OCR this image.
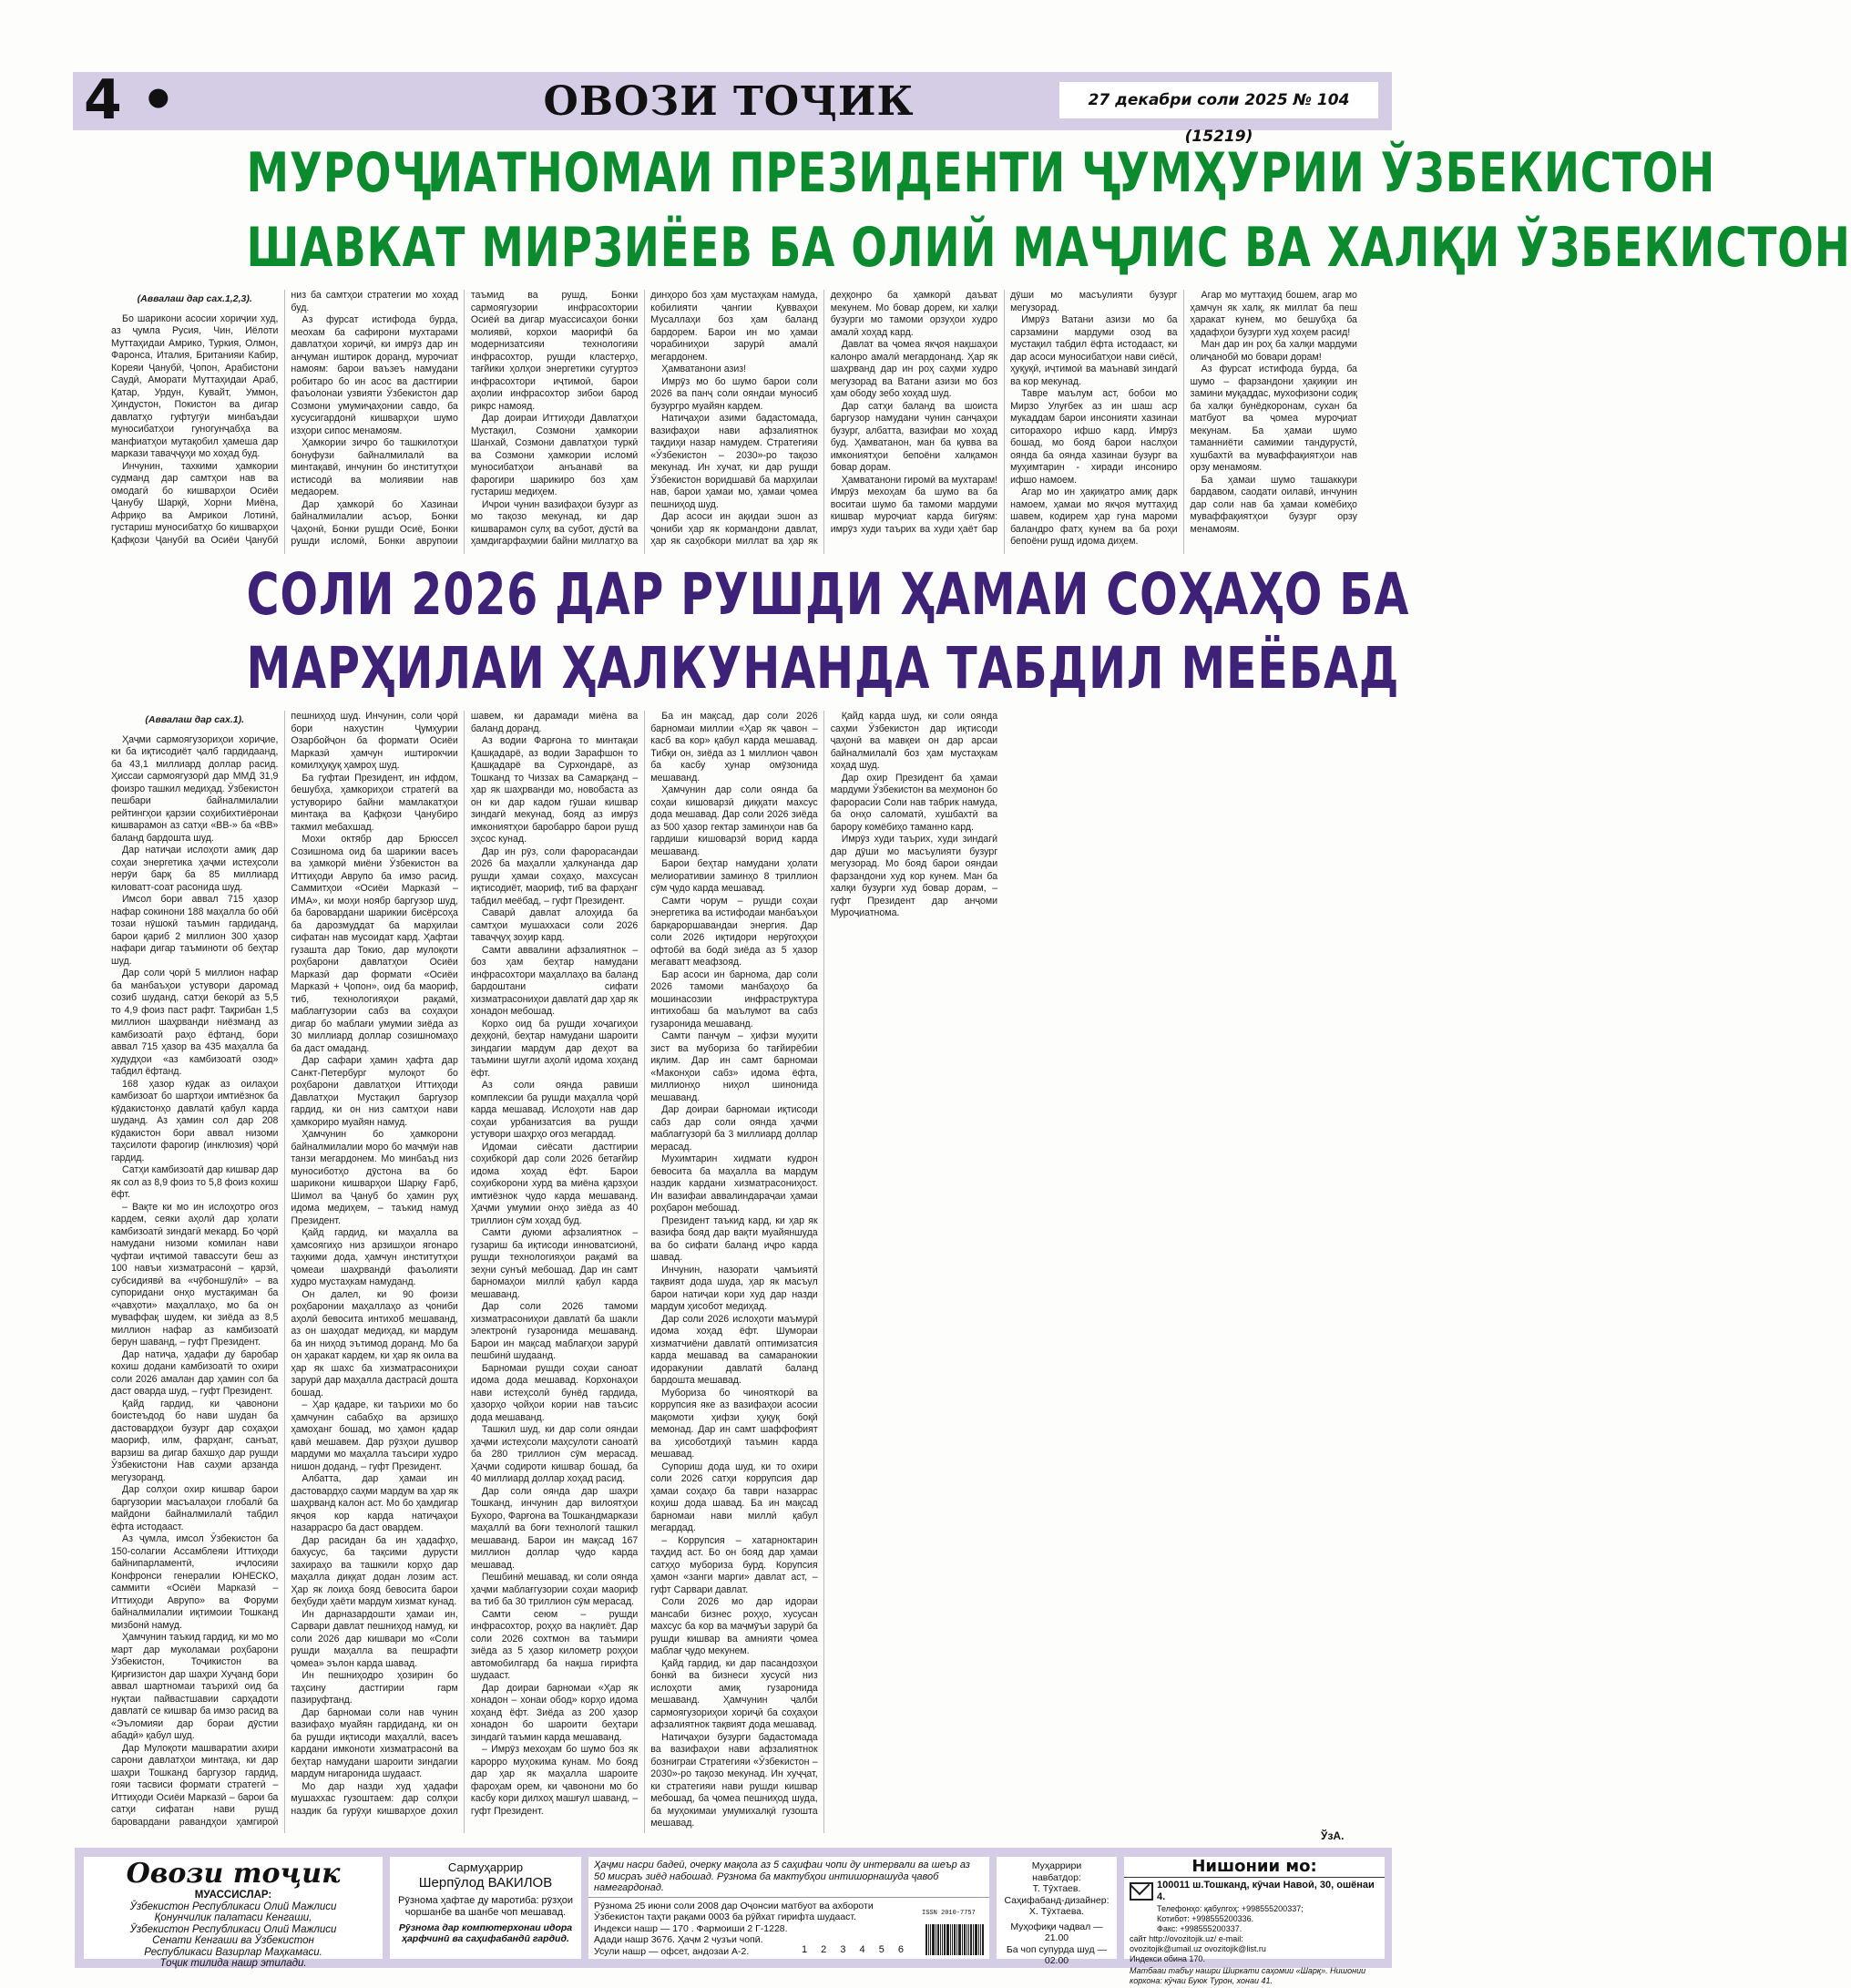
4 •	ОВОЗИ ТОҶИК	27 декабри соли 2025 № 104 (15219)
МУРОҶИАТНОМАИ ПРЕЗИДЕНТИ ҶУМҲУРИИ ЎЗБЕКИСТОН
ШАВКАТ МИРЗИЁЕВ БА ОЛИЙ МАҶЛИС ВА ХАЛҚИ ЎЗБЕКИСТОН
(Аввалаш дар сах.1,2,3).

Бо шарикони асосии хориҷии худ, аз ҷумла Русия, Чин, Иёлоти Муттаҳидаи Амрико, Туркия, Олмон, Фаронса, Италия, Британияи Кабир, Кореяи Ҷанубӣ, Ҷопон, Арабистони Саудӣ, Аморати Муттаҳидаи Араб, Қатар, Урдун, Кувайт, Уммон, Ҳиндустон, Покистон ва дигар давлатҳо гуфтугӯи минбаъдаи муносибатҳои гуногунҷабҳа ва манфиатҳои мутақобил ҳамеша дар маркази таваҷҷуҳи мо хоҳад буд.

Инчунин, тахкими ҳамкории судманд дар самтҳои нав ва омодагӣ бо кишварҳои Осиёи Ҷанубу Шарқӣ, Хорни Миёна, Африқо ва Амрикои Лотинӣ, густариш муносибатҳо бо кишварҳои Қафқози Ҷанубӣ ва Осиёи Ҷанубӣ низ ба самтҳои стратегии мо хоҳад буд.

Аз фурсат истифода бурда, меохам ба сафирони мухтарами давлатҳои хориҷӣ, ки имрӯз дар ин анҷуман иштирок доранд, мурочиат намоям: барои ваъзеъ намудани робитаро бо ин асос ва дастгирии фаъолонаи узвияти Ӯзбекистон дар Созмони умумиҷаҳонии савдо, ба хусусигардонӣ кишварҳои шумо изҳори сипос менамоям.

Ҳамкории зичро бо ташкилотҳои бонуфузи байналмилалӣ ва минтақавӣ, инчунин бо институтҳои истисодӣ ва молиявии нав медаорем.

Дар ҳамкорӣ бо Хазинаи байналмилалии асъор, Бонки Ҷаҳонӣ, Бонки рушди Осиё, Бонки рушди исломӣ, Бонки аврупоии таъмид ва рушд, Бонки сармоягузории инфрасохтории Осиёӣ ва дигар муассисаҳои бонки молиявӣ, корхои маорифӣ ба модернизатсияи технологияи инфрасохтор, рушди кластерҳо, тағйики ҳолҳои энергетики сугуртоэ инфрасохтори иҷтимоӣ, барои аҳолии инфрасохтор зибои барод рикрс намояд.

Дар доираи Иттиҳоди Давлатҳои Мустақил, Созмони ҳамкории Шанхай, Созмони давлатҳои туркӣ ва Созмони ҳамкории исломӣ муносибатҳои анъанавӣ ва фарогири шарикиро боз ҳам густариш медиҳем.

Ичрои чунин вазифаҳои бузург аз мо тақозо мекунад, ки дар кишварамон сулҳ ва субот, дӯстӣ ва ҳамдигарфаҳмии байни миллатҳо ва динҳоро боз ҳам мустаҳкам намуда, кобилияти ҷангии Қувваҳои Мусаллаҳи боз ҳам баланд бардорем. Барои ин мо ҳамаи чорабиниҳои зарурӣ амалӣ мегардонем.

Ҳамватанони азиз!

Имрӯз мо бо шумо барои соли 2026 ва панҷ соли ояндаи муносиб бузургро муайян кардем.

Натиҷаҳои азими бадастомада, вазифаҳои нави афзалиятнок тақдиҳи назар намудем. Стратегияи «Ӯзбекистон – 2030»-ро тақозо мекунад. Ин хучат, ки дар рушди Ӯзбекистон воридшавӣ ба марҳилаи нав, барои ҳамаи мо, ҳамаи ҷомеа пешниҳод шуд.

Дар асоси ин ақидаи эшон аз ҷониби ҳар як кормандони давлат, ҳар як саҳобкори миллат ва ҳар як деҳқонро ба ҳамкорӣ даъват мекунем. Мо бовар дорем, ки халқи бузурги мо тамоми орзуҳои худро амалӣ хоҳад кард.

Давлат ва ҷомеа якҷоя нақшаҳои калонро амалӣ мегардонанд. Ҳар як шаҳрванд дар ин роҳ саҳми худро мегузорад ва Ватани азизи мо боз ҳам ободу зебо хоҳад шуд.

Дар сатҳи баланд ва шоиста баргузор намудани чунин санҷаҳои бузург, албатта, вазифаи мо хоҳад буд. Ҳамватанон, ман ба қувва ва имкониятҳои бепоёни халқамон бовар дорам.

Ҳамватанони гиромӣ ва мухтарам! Имрӯз мехоҳам ба шумо ва ба воситаи шумо ба тамоми мардуми кишвар муроҷиат карда бигӯям: имрӯз худи таърих ва худи ҳаёт бар дӯши мо масъулияти бузург мегузорад.

Имрӯз Ватани азизи мо ба сарзамини мардуми озод ва мустақил табдил ёфта истодааст, ки дар асоси муносибатҳои нави сиёсӣ, ҳуқуқӣ, иҷтимоӣ ва маънавӣ зиндагӣ ва кор мекунад.

Тавре маълум аст, бобои мо Мирзо Улуғбек аз ин шаш аср мукаддам барои инсонияти хазинаи ситорахоро ифшо кард. Имрӯз бошад, мо бояд барои наслҳои оянда ба оянда хазинаи бузург ва муҳимтарин - хиради инсониро ифшо намоем.

Агар мо ин ҳақиқатро амиқ дарк намоем, ҳамаи мо якҷоя муттаҳид шавем, кодирем ҳар гуна мароми баландро фатҳ кунем ва ба роҳи бепоёни рушд идома диҳем.

Агар мо муттаҳид бошем, агар мо ҳамчун як халқ, як миллат ба пеш ҳаракат кунем, мо бешубҳа ба ҳадафҳои бузурги худ хоҳем расид!

Ман дар ин роҳ ба халқи мардуми олиҷанобӣ мо бовари дорам!

Аз фурсат истифода бурда, ба шумо – фарзандони ҳақиқии ин замини муқаддас, мухофизони содиқ ба халқи бунёдкоронам, сухан ба матбуот ва ҷомеа муроҷиат мекунам. Ба ҳамаи шумо таманниёти самимии тандурустӣ, хушбахтӣ ва муваффақиятҳои нав орзу менамоям.

Ба ҳамаи шумо ташаккури бардавом, саодати оилавӣ, инчунин дар соли нав ба ҳамаи комёбиҳо муваффақиятҳои бузург орзу менамоям.

СОЛИ 2026 ДАР РУШДИ ҲАМАИ СОҲАҲО БА
МАРҲИЛАИ ҲАЛКУНАНДА ТАБДИЛ МЕЁБАД
(Аввалаш дар сах.1).

Ҳаҷми сармоягузориҳои хориҷие, ки ба иқтисодиёт ҷалб гардидаанд, ба 43,1 миллиард доллар расид. Ҳиссаи сармоягузорӣ дар ММД 31,9 фоизро ташкил медиҳад. Ӯзбекистон пешбари байналмилалии рейтингҳои қарзии соҳибихтиёронаи кишварамон аз сатҳи «ВВ-» ба «ВВ» баланд бардошта шуд.

Дар натиҷаи ислоҳоти амиқ дар соҳаи энергетика ҳаҷми истеҳсоли нерӯи барқ ба 85 миллиард киловатт-соат расонида шуд.

Имсол бори аввал 715 ҳазор нафар сокинони 188 маҳалла бо обӣ тозаи нӯшокӣ таъмин гардиданд, барои қариб 2 миллион 300 ҳазор нафари дигар таъминоти об беҳтар шуд.

Дар соли ҷорӣ 5 миллион нафар ба манбаъҳои устувори даромад созиб шуданд, сатҳи бекорӣ аз 5,5 то 4,9 фоиз паст рафт. Тақрибан 1,5 миллион шаҳрванди ниёзманд аз камбизоатӣ раҳо ёфтанд, бори аввал 715 ҳазор ва 435 маҳалла ба худудҳои «аз камбизоатӣ озод» табдил ёфтанд.

168 ҳазор кӯдак аз оилаҳои камбизоат бо шартҳои имтиёзнок ба кӯдакистонҳо давлатӣ қабул карда шуданд. Аз ҳамин сол дар 208 кӯдакистон бори аввал низоми таҳсилоти фарогир (инклюзия) ҷорӣ гардид.

Сатҳи камбизоатӣ дар кишвар дар як сол аз 8,9 фоиз то 5,8 фоиз кохиш ёфт.

– Вақте ки мо ин ислоҳотро оғоз кардем, сеяки аҳолӣ дар ҳолати камбизоатӣ зиндагӣ мекард. Бо ҷорӣ намудани низоми комилан нави ҷуфтаи иҷтимоӣ тавассути беш аз 100 навъи хизматрасонӣ – қарзӣ, субсидиявӣ ва «чӯбоншӯлӣ» – ва супоридани онҳо мустақиман ба «ҷавҳоти» маҳаллаҳо, мо ба он муваффақ шудем, ки зиёда аз 8,5 миллион нафар аз камбизоатӣ берун шаванд, – гуфт Президент.

Дар натиҷа, ҳадафи ду баробар кохиш додани камбизоатӣ то охири соли 2026 амалан дар ҳамин сол ба даст оварда шуд, – гуфт Президент.

Қайд гардид, ки ҷавонони боистеъдод бо нави шудан ба дастовардҳои бузург дар соҳаҳои маориф, илм, фарҳанг, санъат, варзиш ва дигар бахшҳо дар рушди Ӯзбекистони Нав саҳми арзанда мегузоранд.

Дар солҳои охир кишвар барои баргузории масъалаҳои глобалӣ ба майдони байналмилалӣ табдил ёфта истодааст.

Аз ҷумла, имсол Ӯзбекистон ба 150-солагии Ассамблеяи Иттиҳоди байнипарламентӣ, иҷлосияи Конфронси генералии ЮНЕСКО, саммити «Осиёи Марказӣ – Иттиҳоди Аврупо» ва Форуми байналмилалии иқтимоии Тошканд мизбонӣ намуд.

Ҳамчунин таъкид гардид, ки мо мо март дар муколамаи роҳбарони Ӯзбекистон, Тоҷикистон ва Қирғизистон дар шаҳри Хуҷанд бори аввал шартномаи таърихӣ оид ба нуқтаи пайвастшавии сарҳадоти давлатӣ се кишвар ба имзо расид ва «Эъломияи дар бораи дӯстии абадӣ» қабул шуд.

Дар Мулоқоти машваратии ахири сарони давлатҳои минтақа, ки дар шаҳри Тошканд баргузор гардид, гояи тасвиси формати стратегӣ – Иттиҳоди Осиёи Марказӣ – барои ба сатҳи сифатан нави рушд баровардани равандҳои ҳамгироӣ пешниҳод шуд. Инчунин, соли ҷорӣ бори нахустин Ҷумҳурии Озарбойҷон ба формати Осиёи Марказӣ ҳамчун иштирокчии комилҳуқуқ ҳамроҳ шуд.

Ба гуфтаи Президент, ин ифдом, бешубҳа, ҳамкориҳои стратегӣ ва устувориро байни мамлакатҳои минтақа ва Қафқози Ҷанубиро такмил мебахшад.

Мохи октябр дар Брюссел Созишнома оид ба шарикии васеъ ва ҳамкорӣ миёни Ӯзбекистон ва Иттиҳоди Аврупо ба имзо расид. Саммитҳои «Осиёи Марказӣ – ИМА», ки моҳи ноябр баргузор шуд, ба баровардани шарикии бисёрсоҳа ба дарозмуддат ба марҳилаи сифатан нав мусоидат кард. Ҳафтаи гузашта дар Токио, дар мулоқоти роҳбарони давлатҳои Осиёи Марказӣ дар формати «Осиёи Марказӣ + Ҷопон», оид ба маориф, тиб, технологияҳои рақамӣ, маблағгузории сабз ва соҳаҳои дигар бо маблағи умумии зиёда аз 30 миллиард доллар созишномаҳо ба даст омаданд.

Дар сафари ҳамин ҳафта дар Санкт-Петербург мулоқот бо роҳбарони давлатҳои Иттиҳоди Давлатҳои Мустақил баргузор гардид, ки он низ самтҳои нави ҳамкориро муайян намуд.

Ҳамчунин бо ҳамкорони байналмилалии моро бо маҷмӯи нав танзи мегардонем. Мо минбаъд низ муносиботҳо дӯстона ва бо шарикони кишварҳои Шарқу Ғарб, Шимол ва Ҷануб бо ҳамин руҳ идома медиҳем, – таъкид намуд Президент.

Қайд гардид, ки маҳалла ва ҳамсоягиҳо низ арзишҳои ягонаро таҳкими дода, ҳамчун институтҳои ҷомеаи шаҳрвандӣ фаъолияти худро мустаҳкам намуданд.

Он далел, ки 90 фоизи роҳбаронии маҳаллаҳо аз ҷониби аҳолӣ бевосита интихоб мешаванд, аз он шаҳодат медиҳад, ки мардум ба ин ниҳод эътимод доранд. Мо ба он ҳаракат кардем, ки ҳар як оила ва ҳар як шахс ба хизматрасониҳои зарурӣ дар маҳалла дастрасӣ дошта бошад.

– Ҳар қадаре, ки таърихи мо бо ҳамчунин сабабҳо ва арзишҳо ҳамоҳанг бошад, мо ҳамон қадар қавӣ мешавем. Дар рӯзҳои душвор мардуми мо маҳалла таъсири худро нишон доданд, – гуфт Президент.

Албатта, дар ҳамаи ин дастовардҳо саҳми мардум ва ҳар як шаҳрванд калон аст. Мо бо ҳамдигар якҷоя кор карда натиҷаҳои назаррасро ба даст овардем.

Дар расидан ба ин ҳадафҳо, бахусус, ба тақсими дурусти захираҳо ва ташкили корҳо дар маҳалла диққат додан лозим аст. Ҳар як лоиҳа бояд бевосита барои беҳбуди ҳаёти мардум хизмат кунад.

Ин дарназардошти ҳамаи ин, Сарвари давлат пешниҳод намуд, ки соли 2026 дар кишвари мо «Соли рушди маҳалла ва пешрафти ҷомеа» эълон карда шавад.

Ин пешниҳодро ҳозирин бо таҳсину дастгирии гарм пазируфтанд.

Дар барномаи соли нав чунин вазифаҳо муайян гардиданд, ки он ба рушди иқтисоди маҳаллӣ, васеъ кардани имконоти хизматрасонӣ ва беҳтар намудани шароити зиндагии мардум нигаронида шудааст.

Мо дар назди худ ҳадафи мушаххас гузоштаем: дар солҳои наздик ба гурӯҳи кишварҳое дохил шавем, ки дарамади миёна ва баланд доранд.

Аз водии Фарғона то минтақаи Қашқадарё, аз водии Зарафшон то Қашқадарё ва Сурхондарё, аз Тошканд то Чиззах ва Самарқанд – ҳар як шаҳрванди мо, новобаста аз он ки дар кадом гӯшаи кишвар зиндагӣ мекунад, бояд аз имрӯз имкониятҳои баробарро барои рушд эҳсос кунад.

Дар ин рӯз, соли фарорасандаи 2026 ба маҳалли ҳалкунанда дар рушди ҳамаи соҳаҳо, махсусан иқтисодиёт, маориф, тиб ва фарҳанг табдил меёбад, – гуфт Президент.

Саварӣ давлат алоҳида ба самтҳои мушаххаси соли 2026 таваҷҷуҳ зоҳир кард.

Самти аввалини афзалиятнок – боз ҳам беҳтар намудани инфрасохтори маҳаллаҳо ва баланд бардоштани сифати хизматрасониҳои давлатӣ дар ҳар як хонадон мебошад.

Корхо оид ба рушди хоҷагиҳои деҳқонӣ, беҳтар намудани шароити зиндагии мардум дар деҳот ва таъмини шуғли аҳолӣ идома хоҳанд ёфт.

Аз соли оянда равиши комплексии ба рушди маҳалла ҷорӣ карда мешавад. Ислоҳоти нав дар соҳаи урбанизатсия ва рушди устувори шаҳрҳо оғоз мегардад.

Идомаи сиёсати дастгирии соҳибкорӣ дар соли 2026 бетағйир идома хоҳад ёфт. Барои соҳибкорони хурд ва миёна қарзҳои имтиёзнок ҷудо карда мешаванд. Ҳаҷми умумии онҳо зиёда аз 40 триллион сӯм хоҳад буд.

Самти дуюми афзалиятнок – гузариш ба иқтисоди инноватсионӣ, рушди технологияҳои рақамӣ ва зеҳни сунъӣ мебошад. Дар ин самт барномаҳои миллӣ қабул карда мешаванд.

Дар соли 2026 тамоми хизматрасониҳои давлатӣ ба шакли электронӣ гузаронида мешаванд. Барои ин мақсад маблағҳои зарурӣ пешбинӣ шудаанд.

Барномаи рушди соҳаи саноат идома дода мешавад. Корхонаҳои нави истеҳсолӣ бунёд гардида, ҳазорҳо ҷойҳои кории нав таъсис дода мешаванд.

Ташкил шуд, ки дар соли ояндаи ҳаҷми истеҳсоли маҳсулоти саноатӣ ба 280 триллион сӯм мерасад. Ҳаҷми содироти кишвар бошад, ба 40 миллиард доллар хоҳад расид.

Дар соли оянда дар шаҳри Тошканд, инчунин дар вилоятҳои Бухоро, Фарғона ва Тошкандмаркази маҳаллӣ ва боғи технологӣ ташкил мешаванд. Барои ин мақсад 167 миллион доллар ҷудо карда мешавад.

Пешбинӣ мешавад, ки соли оянда ҳаҷми маблағгузории соҳаи маориф ва тиб ба 30 триллион сӯм мерасад.

Самти сеюм – рушди инфрасохтор, роҳҳо ва нақлиёт. Дар соли 2026 сохтмон ва таъмири зиёда аз 5 ҳазор километр роҳҳои автомобилгард ба нақша гирифта шудааст.

Дар доираи барномаи «Ҳар як хонадон – хонаи обод» корҳо идома хоҳанд ёфт. Зиёда аз 200 ҳазор хонадон бо шароити беҳтари зиндагӣ таъмин карда мешаванд.

– Имрӯз мехоҳам бо шумо боз як карорро муҳокима кунам. Мо бояд дар ҳар як маҳалла шароите фароҳам орем, ки ҷавонони мо бо касбу кори дилхоҳ машғул шаванд, – гуфт Президент.

Ба ин мақсад, дар соли 2026 барномаи миллии «Ҳар як ҷавон – касб ва кор» қабул карда мешавад. Тибқи он, зиёда аз 1 миллион ҷавон ба касбу ҳунар омӯзонида мешаванд.

Ҳамчунин дар соли оянда ба соҳаи кишоварзӣ диққати махсус дода мешавад. Дар соли 2026 зиёда аз 500 ҳазор гектар заминҳои нав ба гардиши кишоварзӣ ворид карда мешаванд.

Барои беҳтар намудани ҳолати мелиоративии заминҳо 8 триллион сӯм ҷудо карда мешавад.

Самти чорум – рушди соҳаи энергетика ва истифодаи манбаъҳои барқароршавандаи энергия. Дар соли 2026 иқтидори нерӯгоҳҳои офтобӣ ва бодӣ зиёда аз 5 ҳазор мегаватт меафзояд.

Бар асоси ин барнома, дар соли 2026 тамоми манбаҳоҳо ба мошинасозии инфраструктура интихобаш ба маълумот ва сабз гузаронида мешаванд.

Самти панҷум – ҳифзи муҳити зист ва мубориза бо тағйирёбии иқлим. Дар ин самт барномаи «Маконҳои сабз» идома ёфта, миллионҳо ниҳол шинонида мешаванд.

Дар доираи барномаи иқтисоди сабз дар соли оянда ҳаҷми маблағгузорӣ ба 3 миллиард доллар мерасад.

Мухимтарин хидмати кудрон бевосита ба маҳалла ва мардум наздик кардани хизматрасониҳост. Ин вазифаи аввалиндараҷаи ҳамаи роҳбарон мебошад.

Президент таъкид кард, ки ҳар як вазифа бояд дар вақти муайяншуда ва бо сифати баланд иҷро карда шавад.

Инчунин, назорати ҷамъиятӣ тақвият дода шуда, ҳар як масъул барои натиҷаи кори худ дар назди мардум ҳисобот медиҳад.

Дар соли 2026 ислоҳоти маъмурӣ идома хоҳад ёфт. Шумораи хизматчиёни давлатӣ оптимизатсия карда мешавад ва самаранокии идоракунии давлатӣ баланд бардошта мешавад.

Мубориза бо чинояткорӣ ва коррупсия яке аз вазифаҳои асосии мақомоти ҳифзи ҳуқуқ боқӣ мемонад. Дар ин самт шаффофият ва ҳисоботдиҳӣ таъмин карда мешавад.

Супориш дода шуд, ки то охири соли 2026 сатҳи коррупсия дар ҳамаи соҳаҳо ба таври назаррас коҳиш дода шавад. Ба ин мақсад барномаи нави миллӣ қабул мегардад.

– Коррупсия – хатарноктарин таҳдид аст. Бо он бояд дар ҳамаи сатҳҳо мубориза бурд. Корупсия ҳамон «занги марги» давлат аст, – гуфт Сарвари давлат.

Соли 2026 мо дар идораи мансаби бизнес роҳҳо, хусусан махсус ба кор ва маҷмӯъи зарурӣ ба рушди кишвар ва амнияти ҷомеа маблағ ҷудо мекунем.

Қайд гардид, ки дар пасандозҳои бонкӣ ва бизнеси хусусӣ низ ислоҳоти амиқ гузаронида мешаванд. Ҳамчунин ҷалби сармоягузориҳои хориҷӣ ба соҳаҳои афзалиятнок тақвият дода мешавад.

Натиҷаҳои бузурги бадастомада ва вазифаҳои нави афзалиятнок бозниграи Стратегияи «Ӯзбекистон – 2030»-ро тақозо мекунад. Ин хуҷҷат, ки стратегияи нави рушди кишвар мебошад, ба ҷомеа пешниҳод шуда, ба муҳокимаи умумихалқӣ гузошта мешавад.

Қайд карда шуд, ки соли оянда саҳми Ӯзбекистон дар иқтисоди ҷаҳонӣ ва мавқеи он дар арсаи байналмилалӣ боз ҳам мустаҳкам хоҳад шуд.

Дар охир Президент ба ҳамаи мардуми Ӯзбекистон ва меҳмонон бо фарорасии Соли нав табрик намуда, ба онҳо саломатӣ, хушбахтӣ ва барору комёбиҳо таманно кард.

Имрӯз худи таърих, худи зиндагӣ дар дӯши мо масъулияти бузург мегузорад. Мо бояд барои ояндаи фарзандони худ кор кунем. Ман ба халқи бузурги худ бовар дорам, – гуфт Президент дар анҷоми Муроҷиатнома.

ЎзА.
Овози тоҷик
МУАССИСЛАР:
Ӯзбекистон Республикаси Олий Мажлиси
Қонунчилик палатаси Кенгаши,
Ӯзбекистон Республикаси Олий Мажлиси
Сенати Кенгаши ва Ӯзбекистон
Республикаси Вазирлар Маҳкамаси.
Тоҷик тилида нашр этилади.
Сармуҳаррир
Шерпӯлод ВАКИЛОВ
Рӯзнома ҳафтае ду маротиба: рӯзҳои чоршанбе ва шанбе чоп мешавад.
Рӯзнома дар компютерхонаи идора ҳарфчинӣ ва саҳифабандӣ гардид.
Ҳаҷми насри бадеӣ, очерку мақола аз 5 саҳифаи чопи ду интервали ва шеър аз 50 мисраъ зиёд набошад. Рӯзнома ба мактубҳои интишорнашуда ҷавоб намегардонад.
Рӯзнома 25 июни соли 2008 дар Оҷонсии матбуот ва ахбороти
Ӯзбекистон таҳти рақами 0003 ба рӯйхат гирифта шудааст.
Индекси нашр — 170 . Фармоиши 2 Г-1228.
Адади нашр 3676. Ҳаҷм 2 чузъи чопӣ.
Усули нашр — офсет, андозаи А-2.
ISSN 2010-7757
1 2 3 4 5 6
Муҳаррири
навбатдор:
Т. Тӯхтаев.
Саҳифабанд-дизайнер:
Х. Тӯхтаева.
Муҳофиқи чадвал —
21.00
Ба чоп супурда шуд —
02.00
Нишонии мо:
100011 ш.Тошканд, кӯчаи Навоӣ, 30, ошёнаи 4.
Телефонҳо: қабулгоҳ: +998555200337;
Котибот: +998555200336.
Факс: +998555200337.
сайт http://ovozitojik.uz/ e-mail:
ovozitojik@umail.uz ovozitojik@list.ru
Индекси обина 170.
Матбааи табъу нашри Ширкати саҳомии «Шарқ». Нишонии корхона: кӯчаи Буюк Турон, хонаи 41.
